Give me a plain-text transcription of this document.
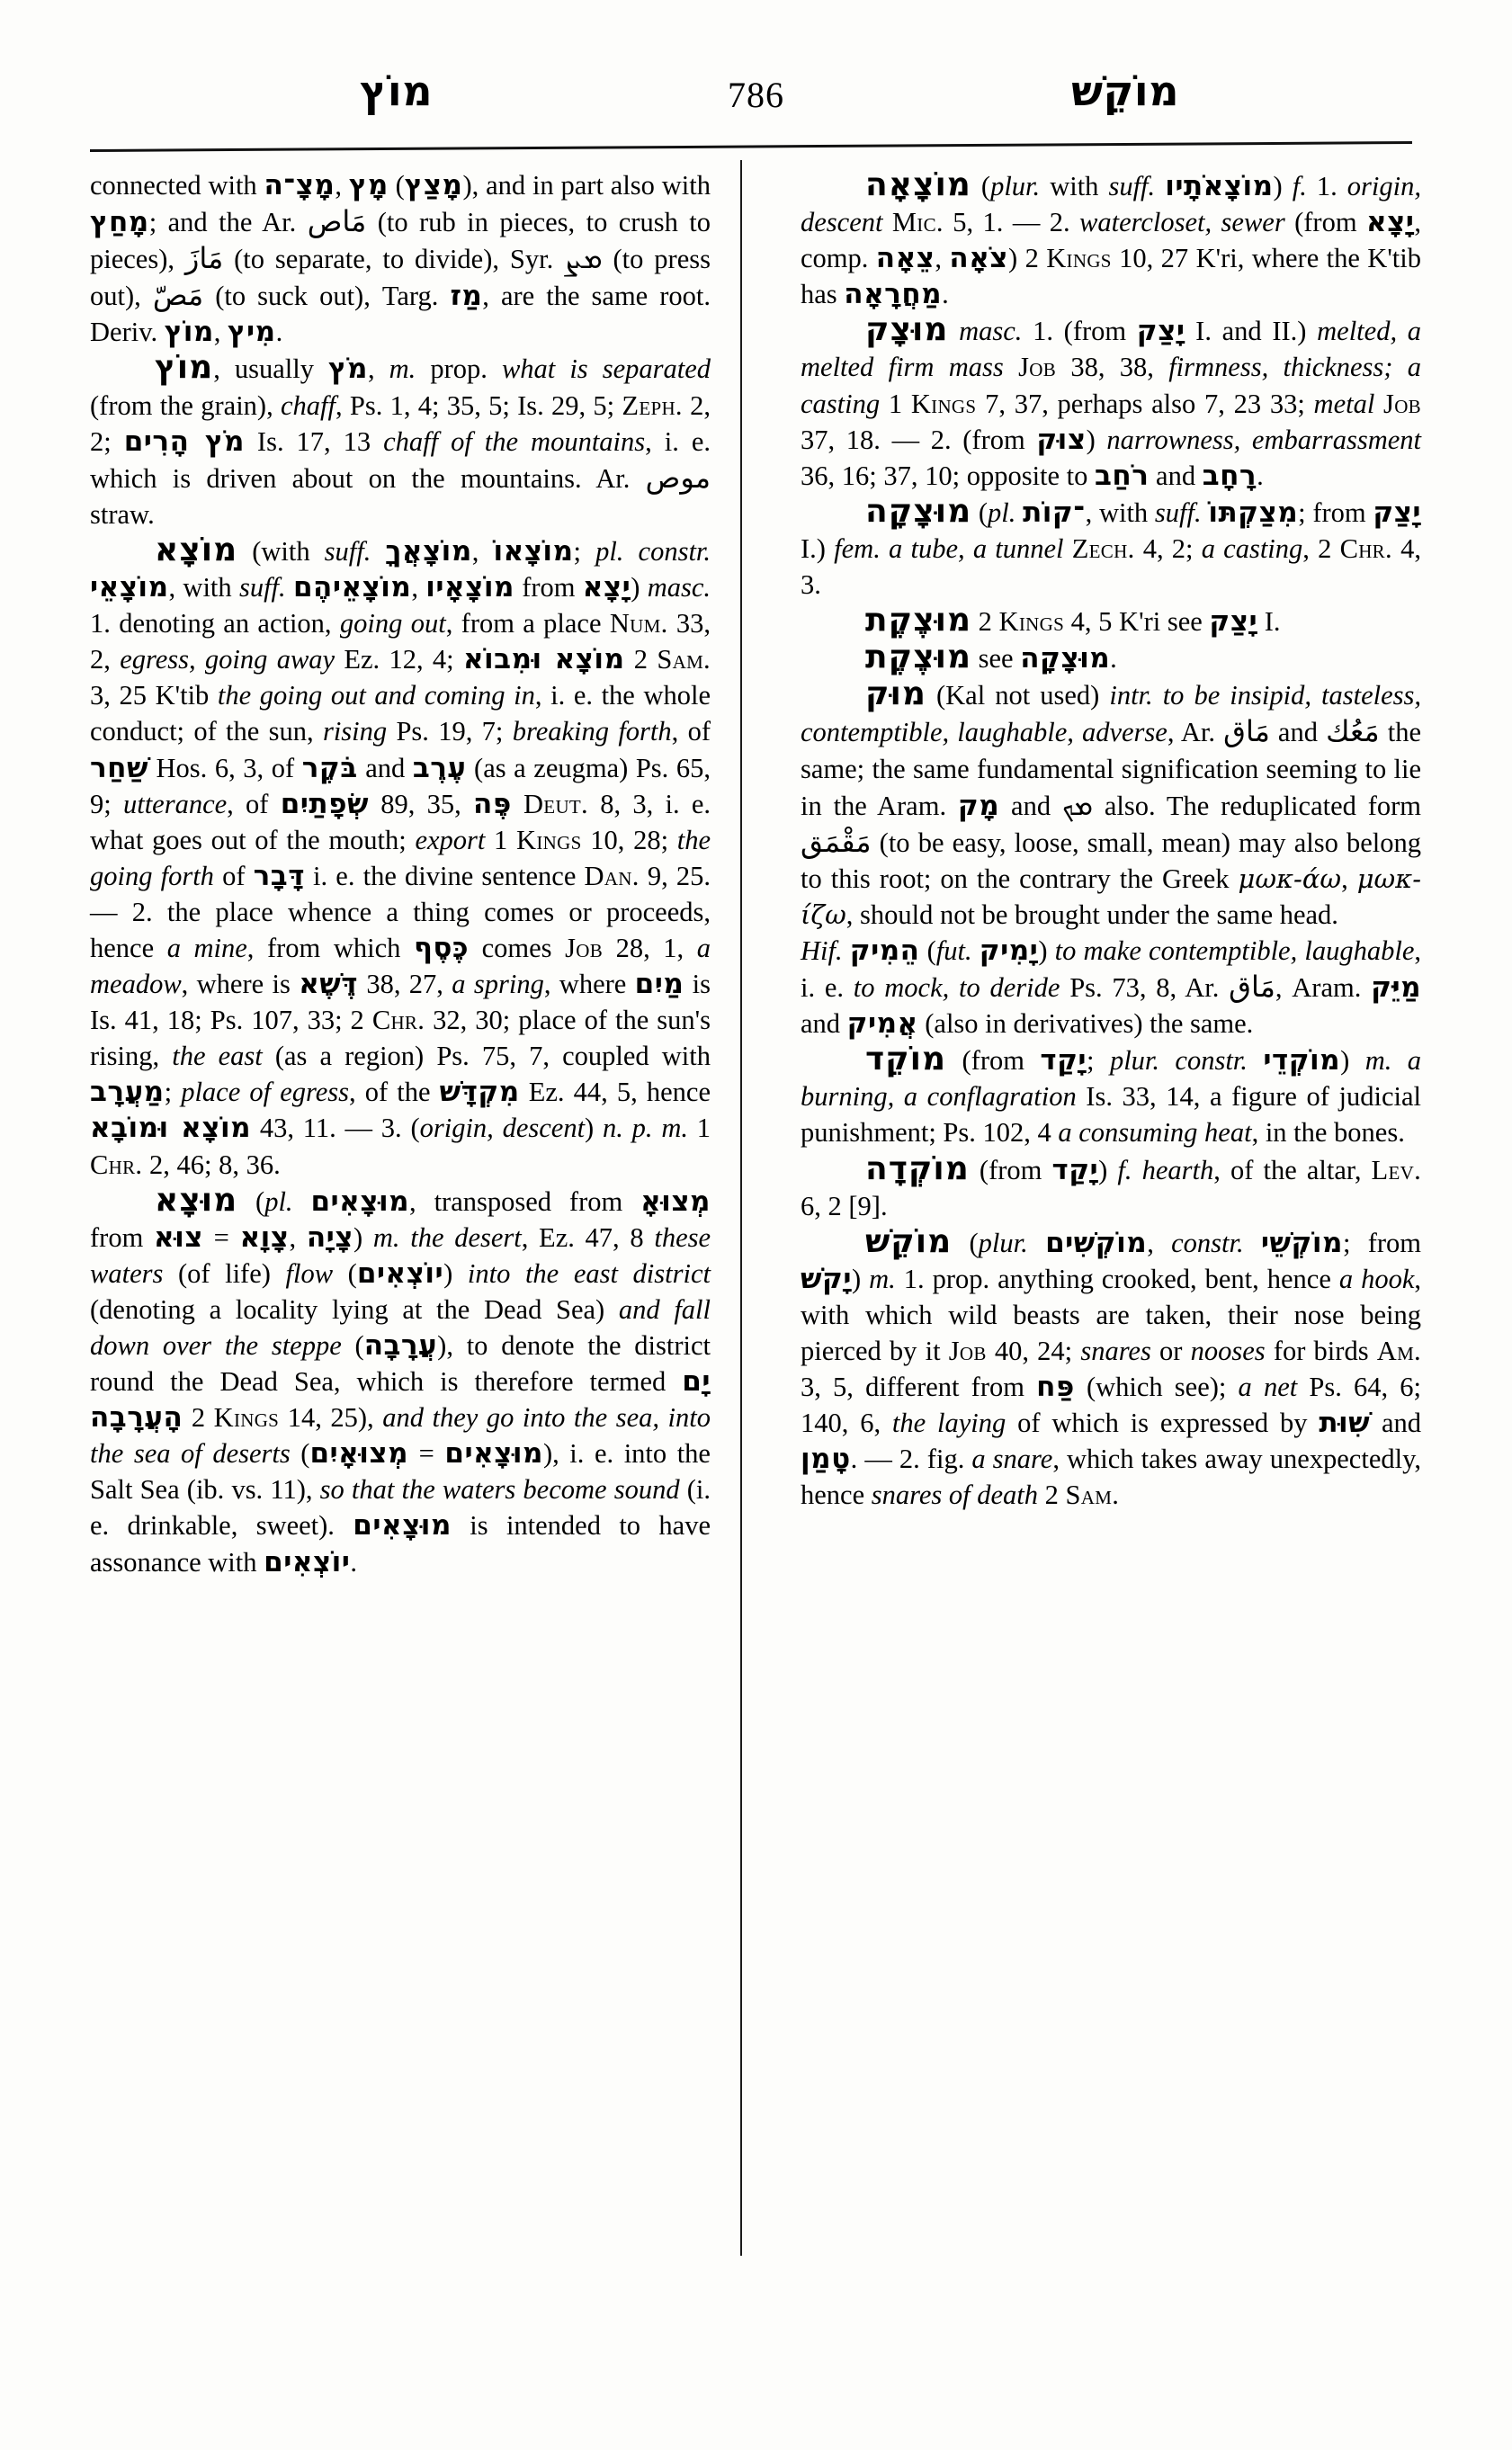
מוֹץ	786	מוֹקֵשׁ

connected with מָצָ־ה, מָץ (מָצַץ), and in part also with מָחַץ; and the Ar. مَاص (to rub in pieces, to crush to pieces), مَازَ (to separate, to divide), Syr. ܡܨ (to press out), مَصّ (to suck out), Targ. מַז, are the same root. Deriv. מוֹץ, מִיץ.

מוֹץ, usually מֹץ, m. prop. what is separated (from the grain), chaff, Ps. 1, 4; 35, 5; Is. 29, 5; Zeph. 2, 2; מֹץ הָרִים Is. 17, 13 chaff of the mountains, i. e. which is driven about on the mountains. Ar. موص straw.

מוֹצָא (with suff. מוֹצָאֲךָ, מוֹצָאוֹ; pl. constr. מוֹצָאֵי, with suff. מוֹצָאֵיהֶם, מוֹצָאָיו from יָצָא) masc. 1. denoting an action, going out, from a place Num. 33, 2, egress, going away Ez. 12, 4; מוֹצָא וּמִבוֹא 2 Sam. 3, 25 K'tib the going out and coming in, i. e. the whole conduct; of the sun, rising Ps. 19, 7; breaking forth, of שַׁחַר Hos. 6, 3, of בֹּקֶר and עֶרֶב (as a zeugma) Ps. 65, 9; utterance, of שְׂפָתַיִם 89, 35, פֶּה Deut. 8, 3, i. e. what goes out of the mouth; export 1 Kings 10, 28; the going forth of דָּבָר i. e. the divine sentence Dan. 9, 25. — 2. the place whence a thing comes or proceeds, hence a mine, from which כֶּסֶף comes Job 28, 1, a meadow, where is דֶּשֶׁא 38, 27, a spring, where מַיִם is Is. 41, 18; Ps. 107, 33; 2 Chr. 32, 30; place of the sun's rising, the east (as a region) Ps. 75, 7, coupled with מַעֲרָב; place of egress, of the מִקְדָּשׁ Ez. 44, 5, hence מוֹצָא וּמוֹבָא 43, 11. — 3. (origin, descent) n. p. m. 1 Chr. 2, 46; 8, 36.

מוּצָא (pl. מוּצָאִים, transposed from מְצוּאָ from צוּא = צָוָא, צָיָה) m. the desert, Ez. 47, 8 these waters (of life) flow (יוֹצְאִים) into the east district (denoting a locality lying at the Dead Sea) and fall down over the steppe (עֲרָבָה), to denote the district round the Dead Sea, which is therefore termed יָם הָעֲרָבָה 2 Kings 14, 25), and they go into the sea, into the sea of deserts (מְצוּאָיִם = מוּצָאִים), i. e. into the Salt Sea (ib. vs. 11), so that the waters become sound (i. e. drinkable, sweet). מוּצָאִים is intended to have assonance with יוֹצְאִים.

מוֹצָאָה (plur. with suff. מוֹצָאֹתָיו) f. 1. origin, descent Mic. 5, 1. — 2. watercloset, sewer (from יָצָא, comp. צֵאָה, צֹאָה) 2 Kings 10, 27 K'ri, where the K'tib has מַחֲרָאָה.

מוּצָק masc. 1. (from יָצַק I. and II.) melted, a melted firm mass Job 38, 38, firmness, thickness; a casting 1 Kings 7, 37, perhaps also 7, 23 33; metal Job 37, 18. — 2. (from צוּק) narrowness, embarrassment 36, 16; 37, 10; opposite to רֹחַב and רָחָב.

מוּצָקָה (pl. ־קוֹת, with suff. מִצַקְתּוֹ; from יָצַק I.) fem. a tube, a tunnel Zech. 4, 2; a casting, 2 Chr. 4, 3.

מוּצֶקֶת 2 Kings 4, 5 K'ri see יָצַק I.

מוּצֶקֶת see מוּצָקָה.

מוּק (Kal not used) intr. to be insipid, tasteless, contemptible, laughable, adverse, Ar. مَاق and مَعُك the same; the same fundamental signification seeming to lie in the Aram. מָק and ܡܟ also. The reduplicated form مَقْمَق (to be easy, loose, small, mean) may also belong to this root; on the contrary the Greek μωκ-άω, μωκ-ίζω, should not be brought under the same head.
Hif. הֵמִיק (fut. יָמִיק) to make contemptible, laughable, i. e. to mock, to deride Ps. 73, 8, Ar. مَاق, Aram. מַיֵּק and אֲמִיק (also in derivatives) the same.

מוֹקֵד (from יָקַד; plur. constr. מוֹקְדֵי) m. a burning, a conflagration Is. 33, 14, a figure of judicial punishment; Ps. 102, 4 a consuming heat, in the bones.

מוֹקְדָה (from יָקַד) f. hearth, of the altar, Lev. 6, 2 [9].

מוֹקֵשׁ (plur. מוֹקְשִׁים, constr. מוֹקְשֵׁי; from יָקֹשׁ) m. 1. prop. anything crooked, bent, hence a hook, with which wild beasts are taken, their nose being pierced by it Job 40, 24; snares or nooses for birds Am. 3, 5, different from פַּח (which see); a net Ps. 64, 6; 140, 6, the laying of which is expressed by שִׁוּת and טָמַן. — 2. fig. a snare, which takes away unexpectedly, hence snares of death 2 Sam.
